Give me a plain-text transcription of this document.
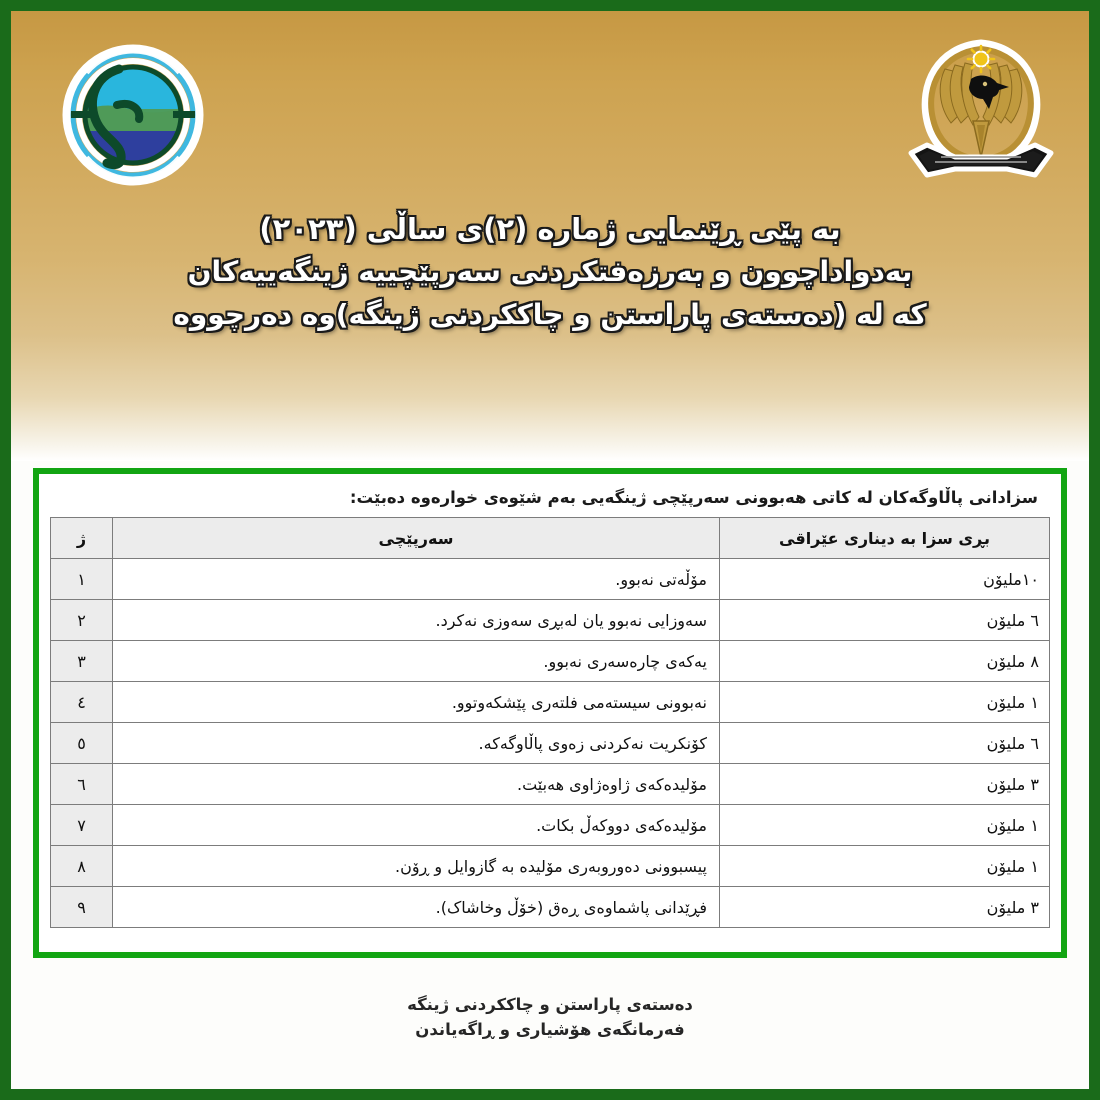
بە پێی ڕێنمایی ژمارە (٢)ی ساڵی (٢٠٢٣)
بەدواداچوون و بەرزەفتکردنی سەرپێچییە ژینگەییەکان
کە لە (دەستەی پاراستن و چاککردنی ژینگە)وە دەرچووە
سزادانی پاڵاوگەکان لە کاتی هەبوونی سەرپێچی ژینگەیی بەم شێوەی خوارەوە دەبێت:
بڕی سزا بە دیناری عێراقی	سەرپێچی	ژ
١٠ملیۆن	مۆڵەتی نەبوو.	١
٦ ملیۆن	سەوزایی نەبوو یان لەبڕی سەوزی نەکرد.	٢
٨ ملیۆن	یەکەی چارەسەری نەبوو.	٣
١ ملیۆن	نەبوونی سیستەمی فلتەری پێشکەوتوو.	٤
٦ ملیۆن	کۆنکریت نەکردنی زەوی پاڵاوگەکە.	٥
٣ ملیۆن	مۆلیدەکەی ژاوەژاوی هەبێت.	٦
١ ملیۆن	مۆلیدەکەی دووکەڵ بکات.	٧
١ ملیۆن	پیسبوونی دەوروبەری مۆلیدە بە گازوایل و ڕۆن.	٨
٣ ملیۆن	فڕێدانی پاشماوەی ڕەق (خۆڵ وخاشاک).	٩
دەستەی پاراستن و چاککردنی ژینگە
فەرمانگەی هۆشیاری و ڕاگەیاندن
